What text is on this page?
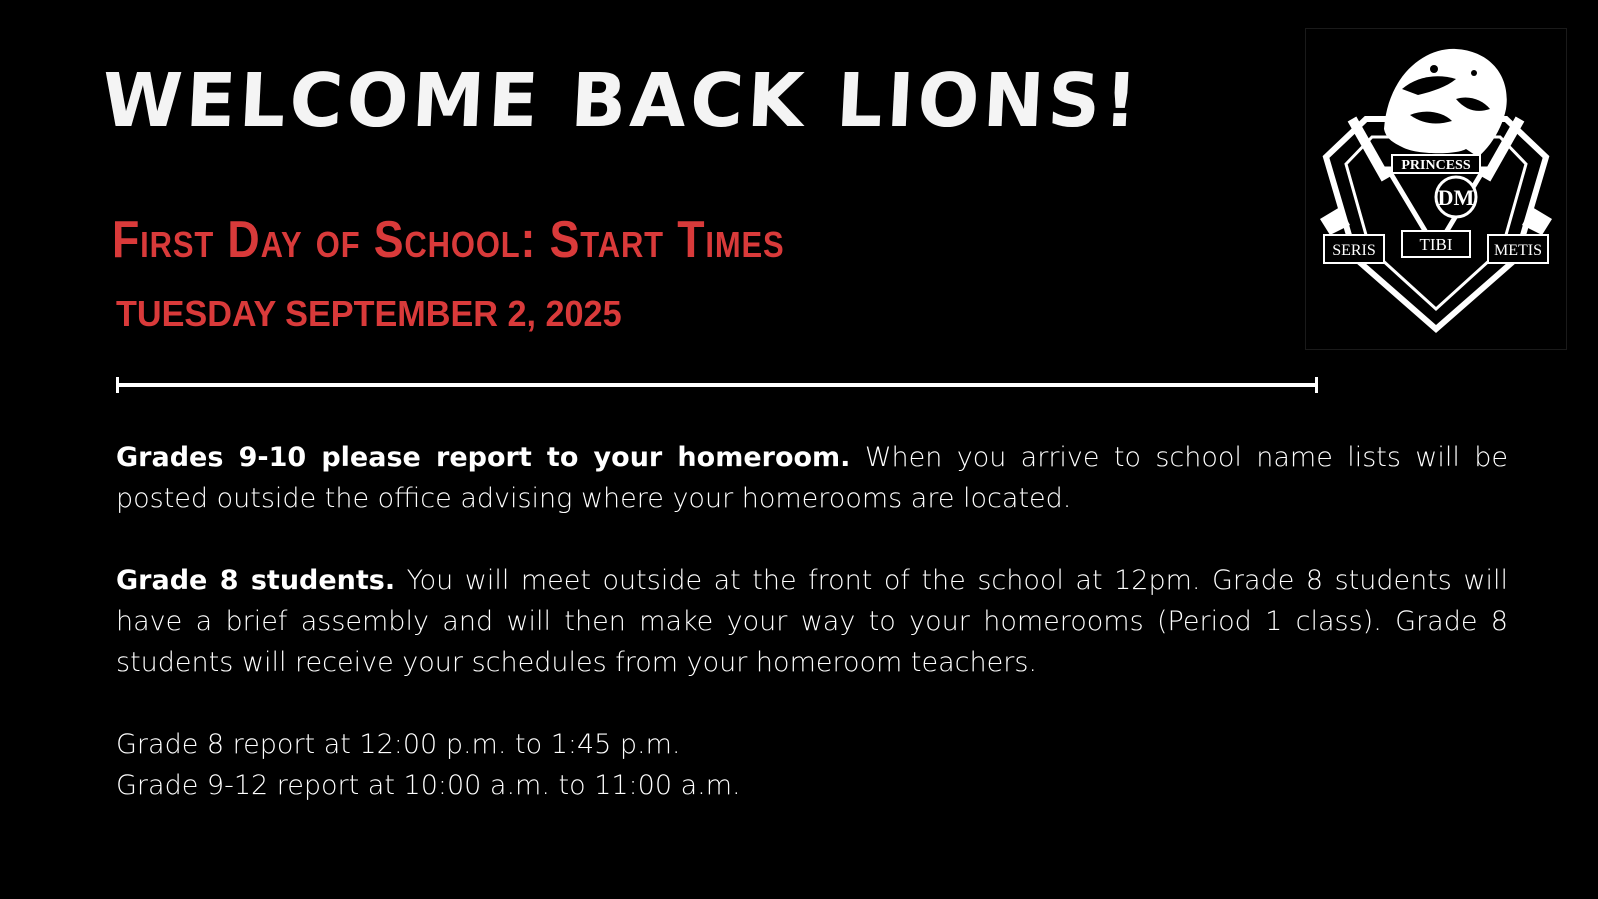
WELCOME BACK LIONS!
First Day of School: Start Times
TUESDAY SEPTEMBER 2, 2025
PRINCESS
DM
SERIS	TIBI	METIS

Grades 9-10 please report to your homeroom. When you arrive to school name lists will be posted outside the office advising where your homerooms are located.

Grade 8 students. You will meet outside at the front of the school at 12pm. Grade 8 students will have a brief assembly and will then make your way to your homerooms (Period 1 class). Grade 8 students will receive your schedules from your homeroom teachers.

Grade 8 report at 12:00 p.m. to 1:45 p.m.

Grade 9-12 report at 10:00 a.m. to 11:00 a.m.
